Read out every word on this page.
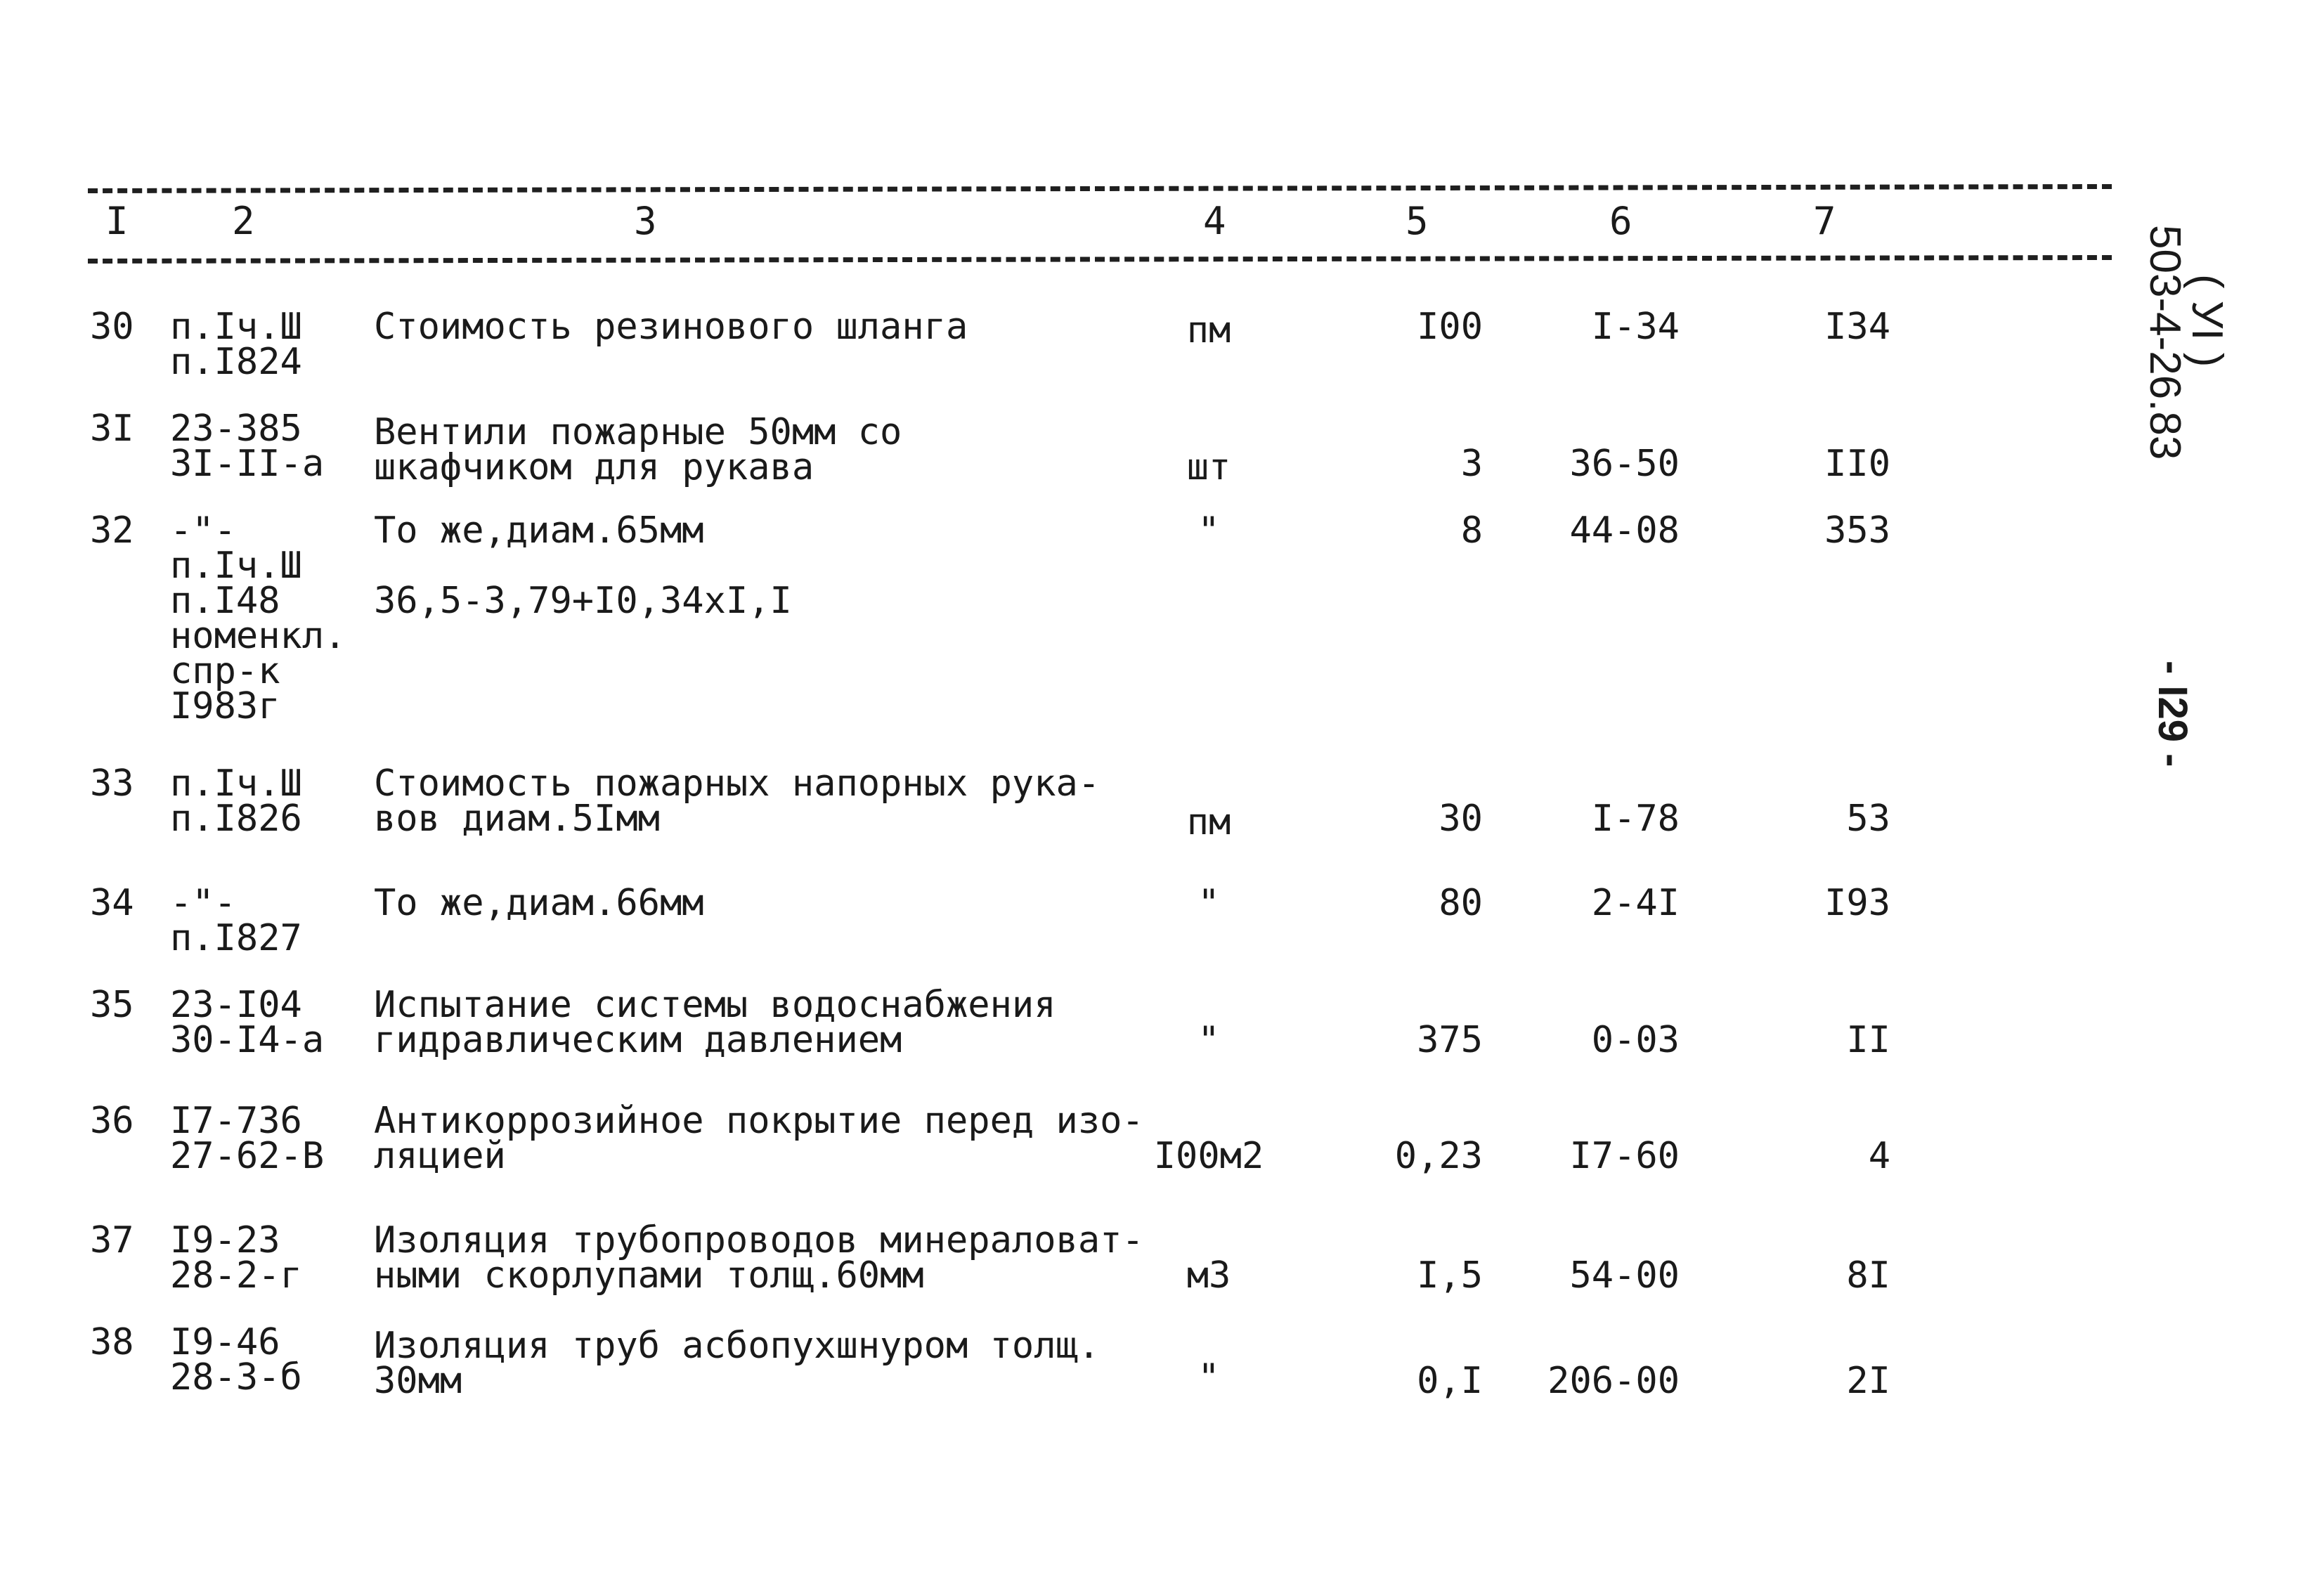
I	2	3	4	5	6	7
30 п.Iч.Ш
п.I824
Стоимость резинового шланга	пм	I00	I-34	I34
3I 23-385
3I-II-a
Вентили пожарные 50мм со
шкафчиком для рукава	шт	3	36-50	II0
32 -"-
п.Iч.Ш
п.I48
номенкл.
спр-к
I983г
То же,диам.65мм
36,5-3,79+I0,34xI,I
"	8	44-08	353
33 п.Iч.Ш
п.I826
Стоимость пожарных напорных рука-
вов диам.5Iмм	пм	30	I-78	53
34 -"-
п.I827
То же,диам.66мм	"	80	2-4I	I93
35 23-I04
30-I4-a
Испытание системы водоснабжения
гидравлическим давлением	"	375	0-03	II
36 I7-736
27-62-В
Антикоррозийное покрытие перед изо-
ляцией	I00м2	0,23	I7-60	4
37 I9-23
28-2-г
Изоляция трубопроводов минераловат-
ными скорлупами толщ.60мм	м3	I,5	54-00	8I
38 I9-46
28-3-б
Изоляция труб асбопухшнуром толщ.
30мм	"	0,I	206-00	2I
( УI )
503-4-26.83
- I29 -
